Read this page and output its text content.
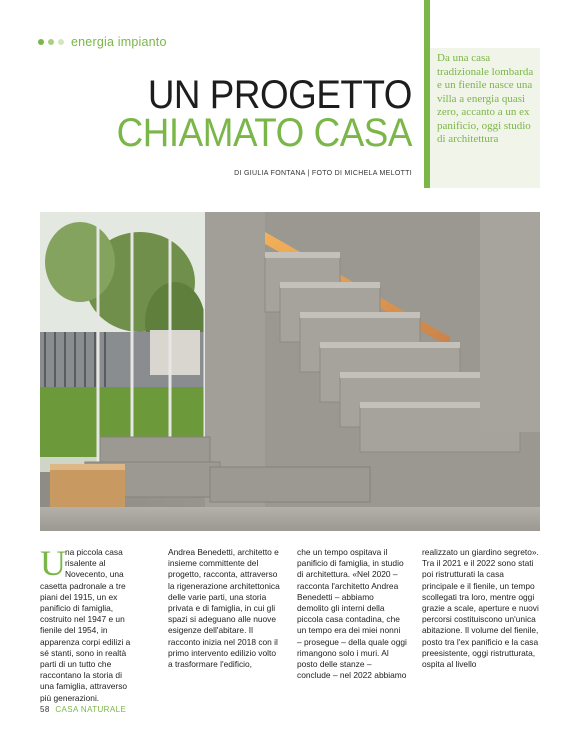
energia impianto
UN PROGETTO
CHIAMATO CASA
DI GIULIA FONTANA | FOTO DI MICHELA MELOTTI

Da una casa tradizionale lombarda e un fienile nasce una villa a energia quasi zero, accanto a un ex panificio, oggi studio di architettura

U na piccola casa
risalente al
Novecento, una
casetta padronale a tre piani del 1915, un ex panificio di famiglia, costruito nel 1947 e un fienile del 1954, in apparenza corpi edilizi a sé stanti, sono in realtà parti di un tutto che raccontano la storia di una famiglia, attraverso più generazioni.
Andrea Benedetti, architetto e insieme committente del progetto, racconta, attraverso la rigenerazione architettonica delle varie parti, una storia privata e di famiglia, in cui gli spazi si adeguano alle nuove esigenze dell'abitare. Il racconto inizia nel 2018 con il primo intervento edilizio volto a trasformare l'edificio,
che un tempo ospitava il panificio di famiglia, in studio di architettura. «Nel 2020 – racconta l'architetto Andrea Benedetti – abbiamo demolito gli interni della piccola casa contadina, che un tempo era dei miei nonni – prosegue – della quale oggi rimangono solo i muri. Al posto delle stanze – conclude – nel 2022 abbiamo
realizzato un giardino segreto». Tra il 2021 e il 2022 sono stati poi ristrutturati la casa principale e il fienile, un tempo scollegati tra loro, mentre oggi grazie a scale, aperture e nuovi percorsi costituiscono un'unica abitazione. Il volume del fienile, posto tra l'ex panificio e la casa preesistente, oggi ristrutturata, ospita al livello
58 CASA NATURALE
